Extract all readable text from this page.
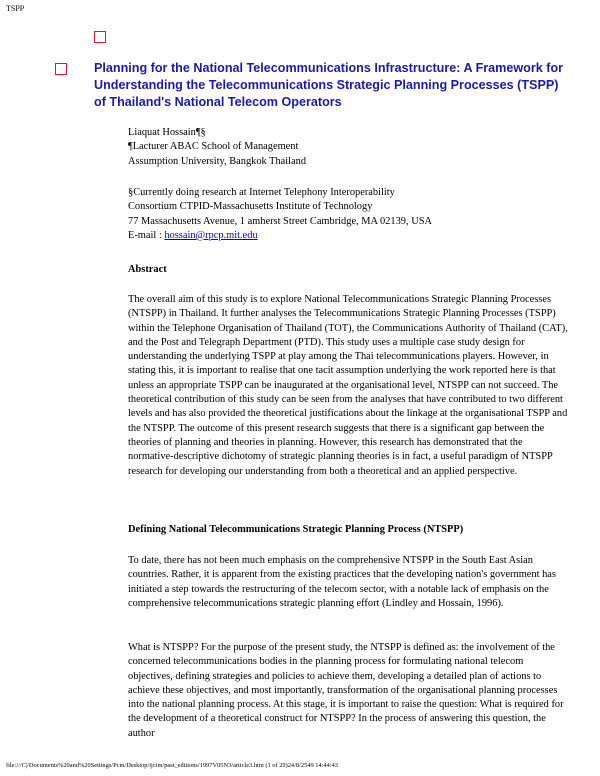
TSPP
Planning for the National Telecommunications Infrastructure: A Framework for Understanding the Telecommunications Strategic Planning Processes (TSPP) of Thailand's National Telecom Operators
Liaquat Hossain¶§
¶Lacturer ABAC School of Management
Assumption University, Bangkok Thailand
§Currently doing research at Internet Telephony Interoperability
Consortium CTPID-Massachusetts Institute of Technology
77 Massachusetts Avenue, 1 amherst Street Cambridge, MA 02139, USA
E-mail : hossain@rpcp.mit.edu
Abstract
The overall aim of this study is to explore National Telecommunications Strategic Planning Processes (NTSPP) in Thailand. It further analyses the Telecommunications Strategic Planning Processes (TSPP) within the Telephone Organisation of Thailand (TOT), the Communications Authority of Thailand (CAT), and the Post and Telegraph Department (PTD). This study uses a multiple case study design for understanding the underlying TSPP at play among the Thai telecommunications players. However, in stating this, it is important to realise that one tacit assumption underlying the work reported here is that unless an appropriate TSPP can be inaugurated at the organisational level, NTSPP can not succeed. The theoretical contribution of this study can be seen from the analyses that have contributed to two different levels and has also provided the theoretical justifications about the linkage at the organisational TSPP and the NTSPP. The outcome of this present research suggests that there is a significant gap between the theories of planning and theories in planning. However, this research has demonstrated that the normative-descriptive dichotomy of strategic planning theories is in fact, a useful paradigm of NTSPP research for developing our understanding from both a theoretical and an applied perspective.
Defining National Telecommunications Strategic Planning Process (NTSPP)
To date, there has not been much emphasis on the comprehensive NTSPP in the South East Asian countries. Rather, it is apparent from the existing practices that the developing nation's government has initiated a step towards the restructuring of the telecom sector, with a notable lack of emphasis on the comprehensive telecommunications strategic planning effort (Lindley and Hossain, 1996).
What is NTSPP? For the purpose of the present study, the NTSPP is defined as: the involvement of the concerned telecommunications bodies in the planning process for formulating national telecom objectives, defining strategies and policies to achieve them, developing a detailed plan of actions to achieve these objectives, and most importantly, transformation of the organisational planning processes into the national planning process. At this stage, it is important to raise the question: What is required for the development of a theoretical construct for NTSPP? In the process of answering this question, the author
file:///C|/Documents%20and%20Settings/Pcm/Desktop/ijcim/past_editions/1997V05N3/article3.htm (1 of 29)24/8/2549 14:44:43
